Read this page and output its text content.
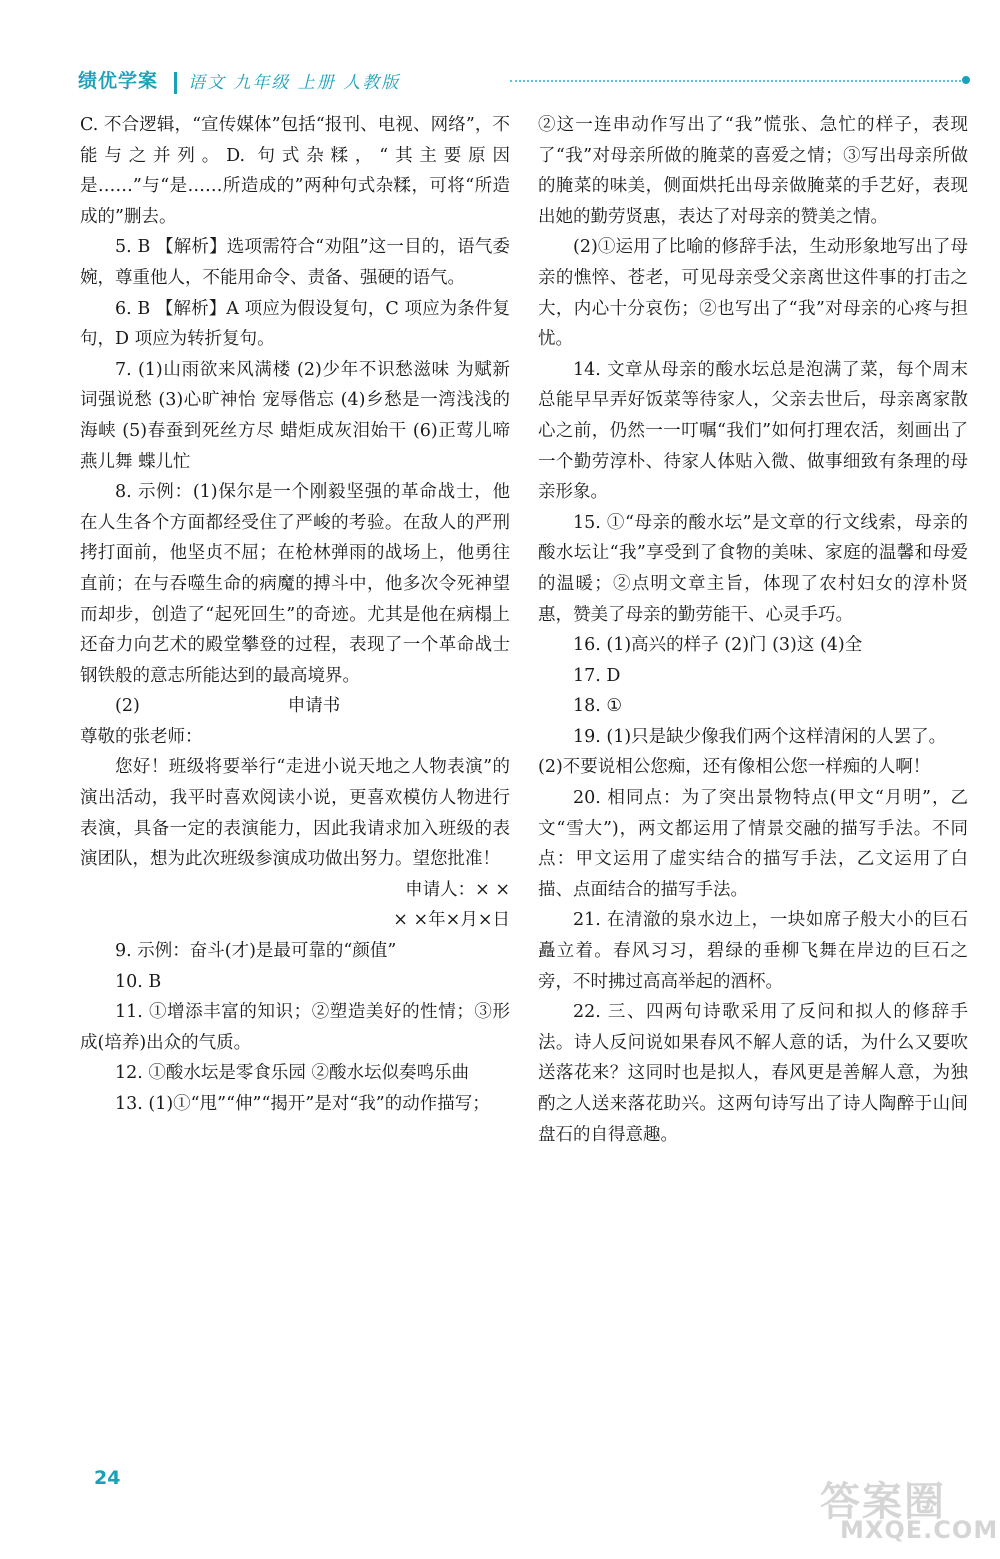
绩优学案 语文 九年级 上册 人教版

C. 不合逻辑，“宣传媒体”包括“报刊、电视、网络”，不能与之并列。D. 句式杂糅，“其主要原因是……”与“是……所造成的”两种句式杂糅，可将“所造成的”删去。

5. B 【解析】选项需符合“劝阻”这一目的，语气委婉，尊重他人，不能用命令、责备、强硬的语气。

6. B 【解析】A 项应为假设复句，C 项应为条件复句，D 项应为转折复句。

7. (1)山雨欲来风满楼 (2)少年不识愁滋味 为赋新词强说愁 (3)心旷神怡 宠辱偕忘 (4)乡愁是一湾浅浅的海峡 (5)春蚕到死丝方尽 蜡炬成灰泪始干 (6)正莺儿啼 燕儿舞 蝶儿忙

8. 示例：(1)保尔是一个刚毅坚强的革命战士，他在人生各个方面都经受住了严峻的考验。在敌人的严刑拷打面前，他坚贞不屈；在枪林弹雨的战场上，他勇往直前；在与吞噬生命的病魔的搏斗中，他多次令死神望而却步，创造了“起死回生”的奇迹。尤其是他在病榻上还奋力向艺术的殿堂攀登的过程，表现了一个革命战士钢铁般的意志所能达到的最高境界。

(2)	申请书

尊敬的张老师：

您好！班级将要举行“走进小说天地之人物表演”的演出活动，我平时喜欢阅读小说，更喜欢模仿人物进行表演，具备一定的表演能力，因此我请求加入班级的表演团队，想为此次班级参演成功做出努力。望您批准！

申请人：× ×

× ×年×月×日

9. 示例：奋斗(才)是最可靠的“颜值”

10. B

11. ①增添丰富的知识；②塑造美好的性情；③形成(培养)出众的气质。

12. ①酸水坛是零食乐园 ②酸水坛似奏鸣乐曲

13. (1)①“甩”“伸”“揭开”是对“我”的动作描写；

②这一连串动作写出了“我”慌张、急忙的样子，表现了“我”对母亲所做的腌菜的喜爱之情；③写出母亲所做的腌菜的味美，侧面烘托出母亲做腌菜的手艺好，表现出她的勤劳贤惠，表达了对母亲的赞美之情。

(2)①运用了比喻的修辞手法，生动形象地写出了母亲的憔悴、苍老，可见母亲受父亲离世这件事的打击之大，内心十分哀伤；②也写出了“我”对母亲的心疼与担忧。

14. 文章从母亲的酸水坛总是泡满了菜，每个周末总能早早弄好饭菜等待家人，父亲去世后，母亲离家散心之前，仍然一一叮嘱“我们”如何打理农活，刻画出了一个勤劳淳朴、待家人体贴入微、做事细致有条理的母亲形象。

15. ①“母亲的酸水坛”是文章的行文线索，母亲的酸水坛让“我”享受到了食物的美味、家庭的温馨和母爱的温暖；②点明文章主旨，体现了农村妇女的淳朴贤惠，赞美了母亲的勤劳能干、心灵手巧。

16. (1)高兴的样子 (2)门 (3)这 (4)全

17. D

18. ①

19. (1)只是缺少像我们两个这样清闲的人罢了。

(2)不要说相公您痴，还有像相公您一样痴的人啊！

20. 相同点：为了突出景物特点(甲文“月明”，乙文“雪大”)，两文都运用了情景交融的描写手法。不同点：甲文运用了虚实结合的描写手法，乙文运用了白描、点面结合的描写手法。

21. 在清澈的泉水边上，一块如席子般大小的巨石矗立着。春风习习，碧绿的垂柳飞舞在岸边的巨石之旁，不时拂过高高举起的酒杯。

22. 三、四两句诗歌采用了反问和拟人的修辞手法。诗人反问说如果春风不解人意的话，为什么又要吹送落花来？这同时也是拟人，春风更是善解人意，为独酌之人送来落花助兴。这两句诗写出了诗人陶醉于山间盘石的自得意趣。

24
答案圈
MXQE.COM
